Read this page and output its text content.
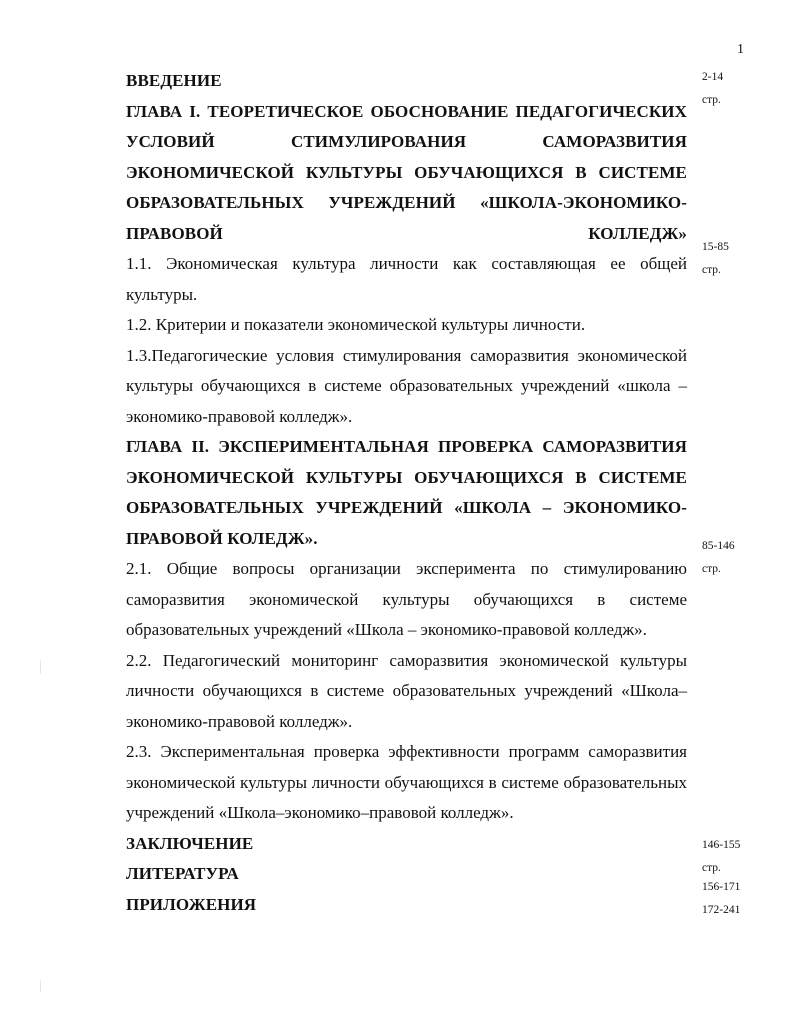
1
ВВЕДЕНИЕ
ГЛАВА I. ТЕОРЕТИЧЕСКОЕ ОБОСНОВАНИЕ ПЕДАГОГИЧЕСКИХ УСЛОВИЙ СТИМУЛИРОВАНИЯ САМОРАЗВИТИЯ ЭКОНОМИЧЕСКОЙ КУЛЬТУРЫ ОБУЧАЮЩИХСЯ В СИСТЕМЕ ОБРАЗОВАТЕЛЬНЫХ УЧРЕЖДЕНИЙ «ШКОЛА-ЭКОНОМИКО-ПРАВОВОЙ КОЛЛЕДЖ»
1.1. Экономическая культура личности как составляющая ее общей культуры.
1.2. Критерии и показатели экономической культуры личности.
1.3.Педагогические условия стимулирования саморазвития экономической культуры обучающихся в системе образовательных учреждений «школа – экономико-правовой колледж».
ГЛАВА II. ЭКСПЕРИМЕНТАЛЬНАЯ ПРОВЕРКА САМОРАЗВИТИЯ ЭКОНОМИЧЕСКОЙ КУЛЬТУРЫ ОБУЧАЮЩИХСЯ В СИСТЕМЕ ОБРАЗОВАТЕЛЬНЫХ УЧРЕЖДЕНИЙ «ШКОЛА – ЭКОНОМИКО-ПРАВОВОЙ КОЛЕДЖ».
2.1. Общие вопросы организации эксперимента по стимулированию саморазвития экономической культуры обучающихся в системе образовательных учреждений «Школа – экономико-правовой колледж».
2.2. Педагогический мониторинг саморазвития экономической культуры личности обучающихся в системе образовательных учреждений «Школа–экономико-правовой колледж».
2.3. Экспериментальная проверка эффективности программ саморазвития экономической культуры личности обучающихся в системе образовательных учреждений «Школа–экономико–правовой колледж».
ЗАКЛЮЧЕНИЕ
ЛИТЕРАТУРА
ПРИЛОЖЕНИЯ
2-14
стр.
15-85
стр.
85-146
стр.
146-155
стр.
156-171
172-241
